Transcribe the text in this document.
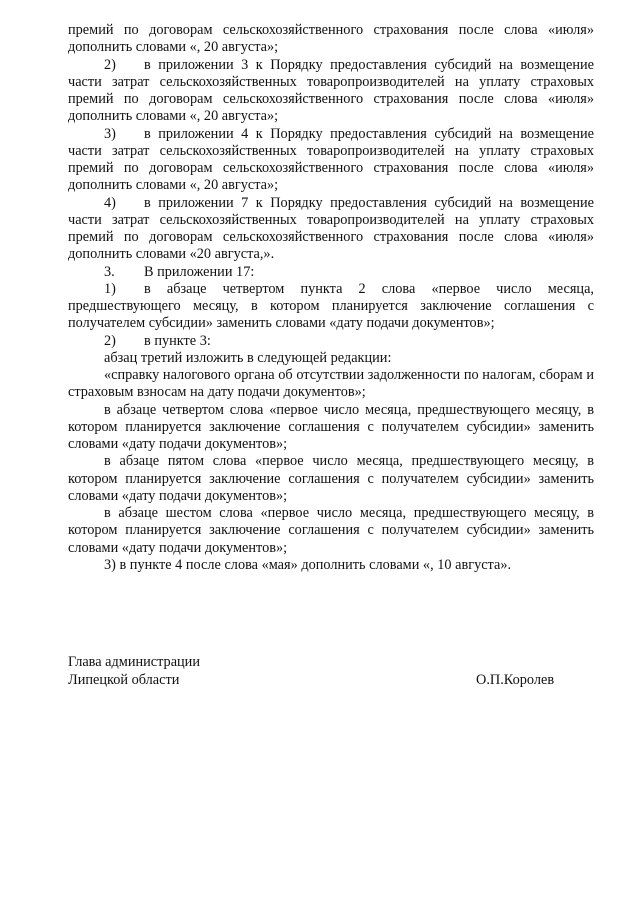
премий по договорам сельскохозяйственного страхования после слова «июля» дополнить словами «, 20 августа»;

2) в приложении 3 к Порядку предоставления субсидий на возмещение части затрат сельскохозяйственных товаропроизводителей на уплату страховых премий по договорам сельскохозяйственного страхования после слова «июля» дополнить словами «, 20 августа»;

3) в приложении 4 к Порядку предоставления субсидий на возмещение части затрат сельскохозяйственных товаропроизводителей на уплату страховых премий по договорам сельскохозяйственного страхования после слова «июля» дополнить словами «, 20 августа»;

4) в приложении 7 к Порядку предоставления субсидий на возмещение части затрат сельскохозяйственных товаропроизводителей на уплату страховых премий по договорам сельскохозяйственного страхования после слова «июля» дополнить словами «20 августа,».

3. В приложении 17:

1) в абзаце четвертом пункта 2 слова «первое число месяца, предшествующего месяцу, в котором планируется заключение соглашения с получателем субсидии» заменить словами «дату подачи документов»;

2) в пункте 3:

абзац третий изложить в следующей редакции:

«справку налогового органа об отсутствии задолженности по налогам, сборам и страховым взносам на дату подачи документов»;

в абзаце четвертом слова «первое число месяца, предшествующего месяцу, в котором планируется заключение соглашения с получателем субсидии» заменить словами «дату подачи документов»;

в абзаце пятом слова «первое число месяца, предшествующего месяцу, в котором планируется заключение соглашения с получателем субсидии» заменить словами «дату подачи документов»;

в абзаце шестом слова «первое число месяца, предшествующего месяцу, в котором планируется заключение соглашения с получателем субсидии» заменить словами «дату подачи документов»;

3) в пункте 4 после слова «мая» дополнить словами «, 10 августа».

Глава администрации
Липецкой области	О.П.Королев
